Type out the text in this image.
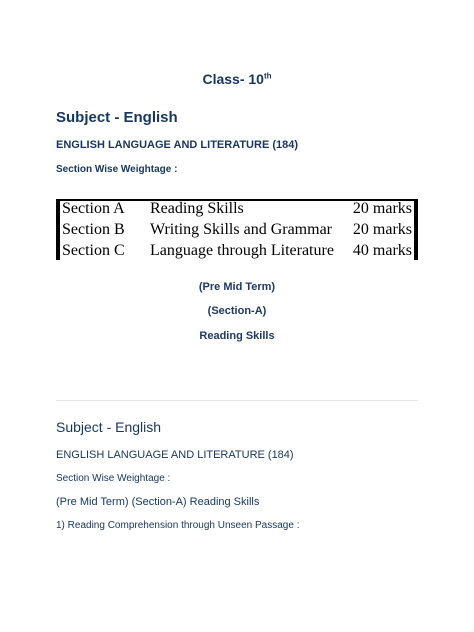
Class- 10th
Subject - English
ENGLISH LANGUAGE AND LITERATURE (184)
Section Wise Weightage :
Section A Reading Skills	20 marks
Section B Writing Skills and Grammar 20 marks
Section C Language through Literature 40 marks
(Pre Mid Term)
(Section-A)
Reading Skills
Subject - English
ENGLISH LANGUAGE AND LITERATURE (184)
Section Wise Weightage :
(Pre Mid Term) (Section-A) Reading Skills
1) Reading Comprehension through Unseen Passage :
